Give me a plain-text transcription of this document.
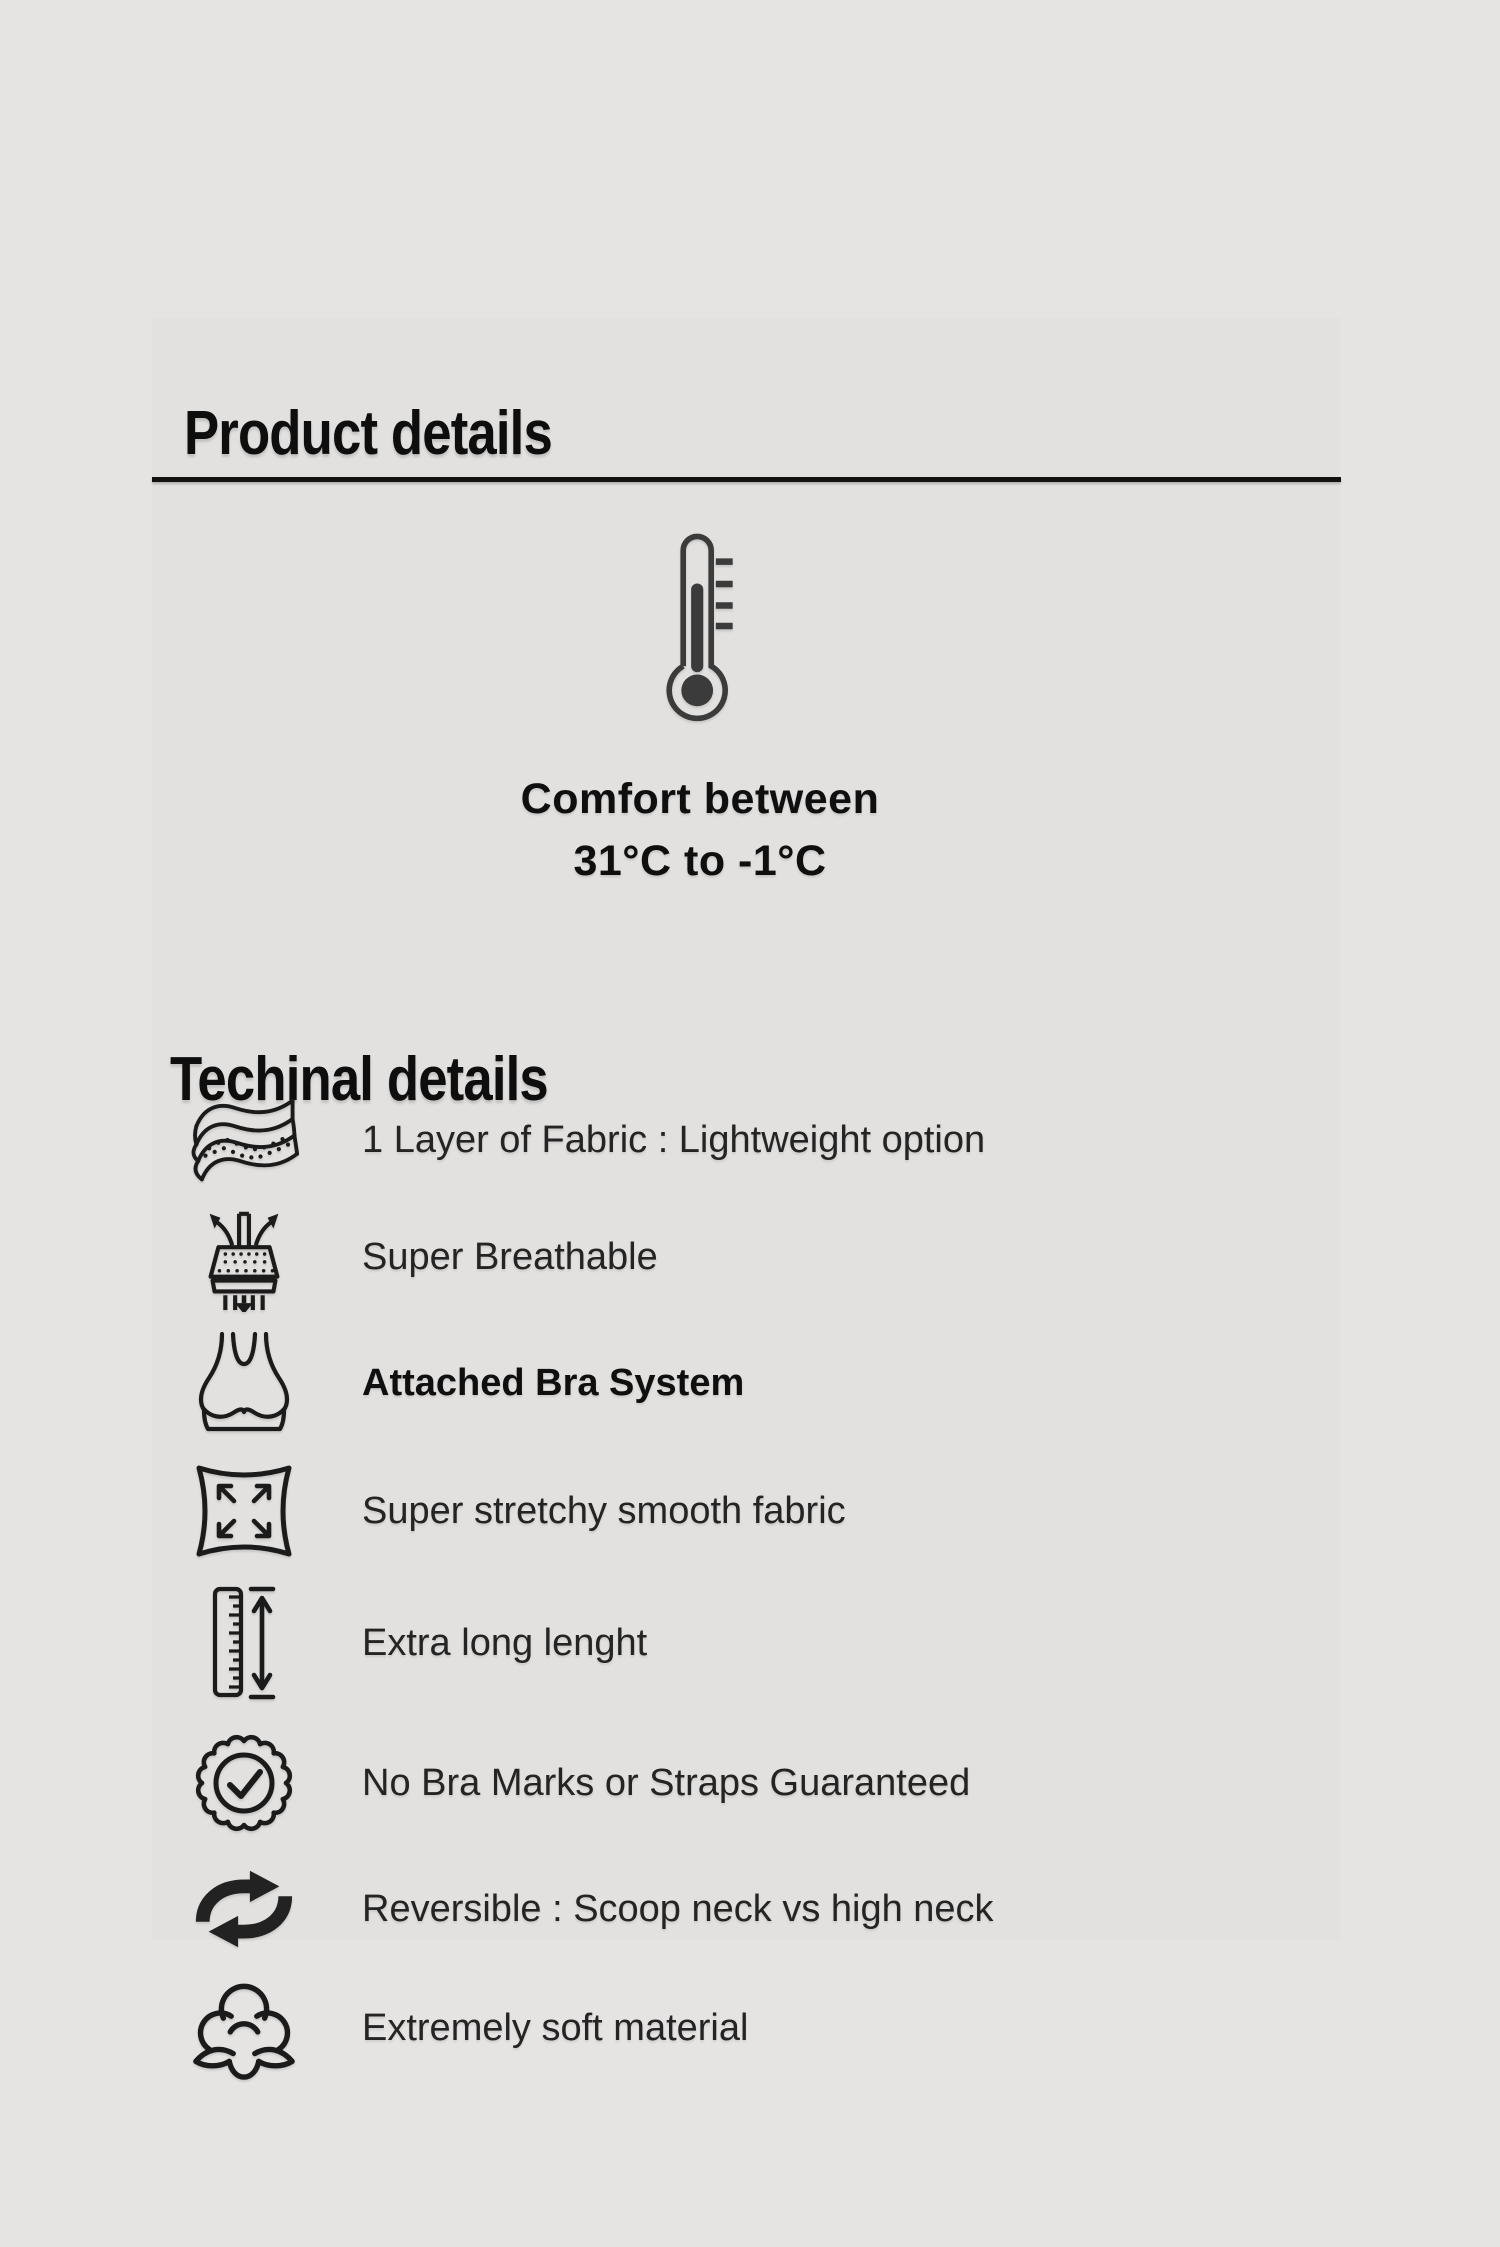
Product details
Comfort between
31°C to -1°C
Techinal details
1 Layer of Fabric : Lightweight option
Super Breathable
Attached Bra System
Super stretchy smooth fabric
Extra long lenght
No Bra Marks or Straps Guaranteed
Reversible : Scoop neck vs high neck
Extremely soft material
